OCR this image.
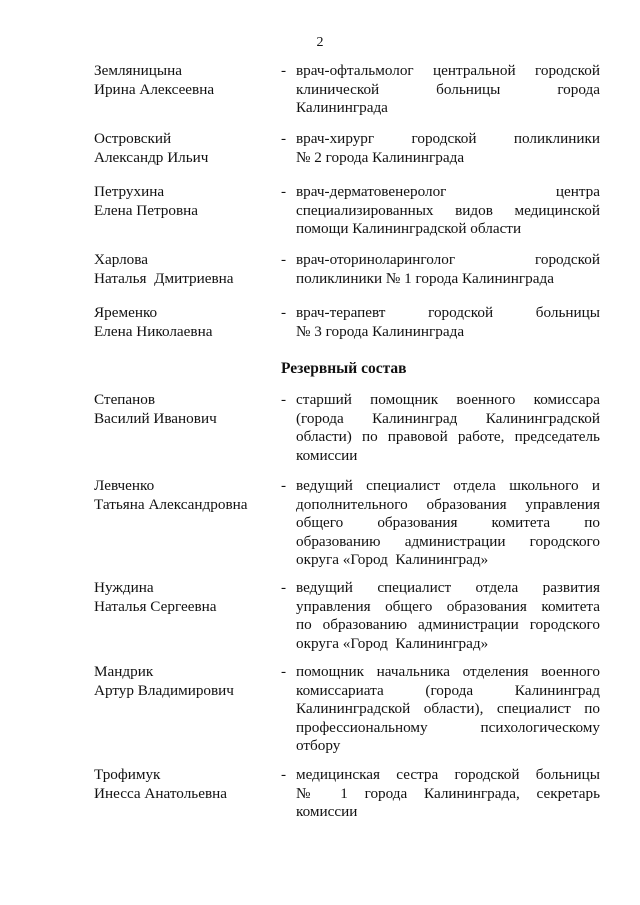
2
Земляницына
Ирина Алексеевна
- врач-офтальмолог центральной городской
клинической больницы города
Калининграда
Островский
Александр Ильич
- врач-хирург городской поликлиники
№ 2 города Калининграда
Петрухина
Елена Петровна
- врач-дерматовенеролог центра
специализированных видов медицинской
помощи Калининградской области
Харлова
Наталья  Дмитриевна
- врач-оториноларинголог городской
поликлиники № 1 города Калининграда
Яременко
Елена Николаевна
- врач-терапевт городской больницы
№ 3 города Калининграда
Резервный состав
Степанов
Василий Иванович
- старший помощник военного комиссара
(города Калининград Калининградской
области) по правовой работе, председатель
комиссии
Левченко
Татьяна Александровна
- ведущий специалист отдела школьного и
дополнительного образования управления
общего образования комитета по
образованию администрации городского
округа «Город  Калининград»
Нуждина
Наталья Сергеевна
- ведущий специалист отдела развития
управления общего образования комитета
по образованию администрации городского
округа «Город  Калининград»
Мандрик
Артур Владимирович
- помощник начальника отделения военного
комиссариата (города Калининград
Калининградской области), специалист по
профессиональному психологическому
отбору
Трофимук
Инесса Анатольевна
- медицинская сестра городской больницы
№ 1 города Калининграда, секретарь
комиссии
